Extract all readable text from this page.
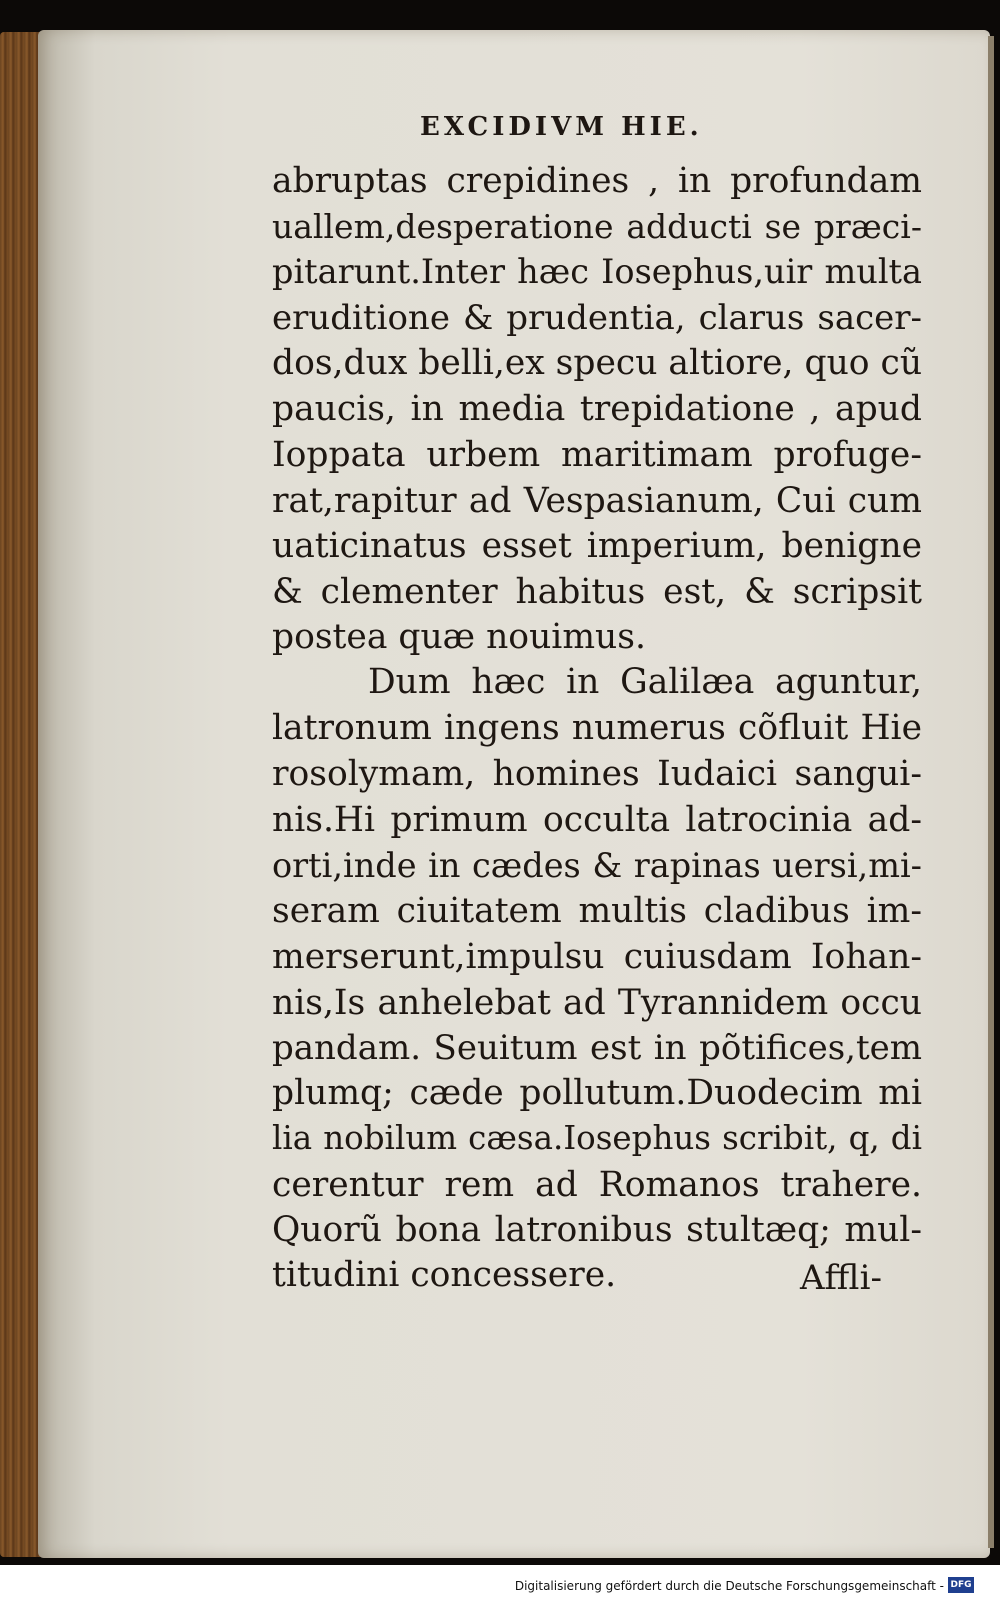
EXCIDIVM HIE.
abruptas crepidines , in profundam
uallem,desperatione adducti se præci-
pitarunt.Inter hæc Iosephus,uir multa
eruditione & prudentia, clarus sacer-
dos,dux belli,ex specu altiore, quo cũ
paucis, in media trepidatione , apud
Ioppata urbem maritimam profuge-
rat,rapitur ad Vespasianum, Cui cum
uaticinatus esset imperium, benigne
& clementer habitus est, & scripsit
postea quæ nouimus.
Dum hæc in Galilæa aguntur,
latronum ingens numerus cõfluit Hie
rosolymam, homines Iudaici sangui-
nis.Hi primum occulta latrocinia ad-
orti,inde in cædes & rapinas uersi,mi-
seram ciuitatem multis cladibus im-
merserunt,impulsu cuiusdam Iohan-
nis,Is anhelebat ad Tyrannidem occu
pandam. Seuitum est in põtifices,tem
plumq; cæde pollutum.Duodecim mi
lia nobilum cæsa.Iosephus scribit, q, di
cerentur rem ad Romanos trahere.
Quorũ bona latronibus stultæq; mul-
titudini concessere.	Affli-
Digitalisierung gefördert durch die Deutsche Forschungsgemeinschaft - DFG
